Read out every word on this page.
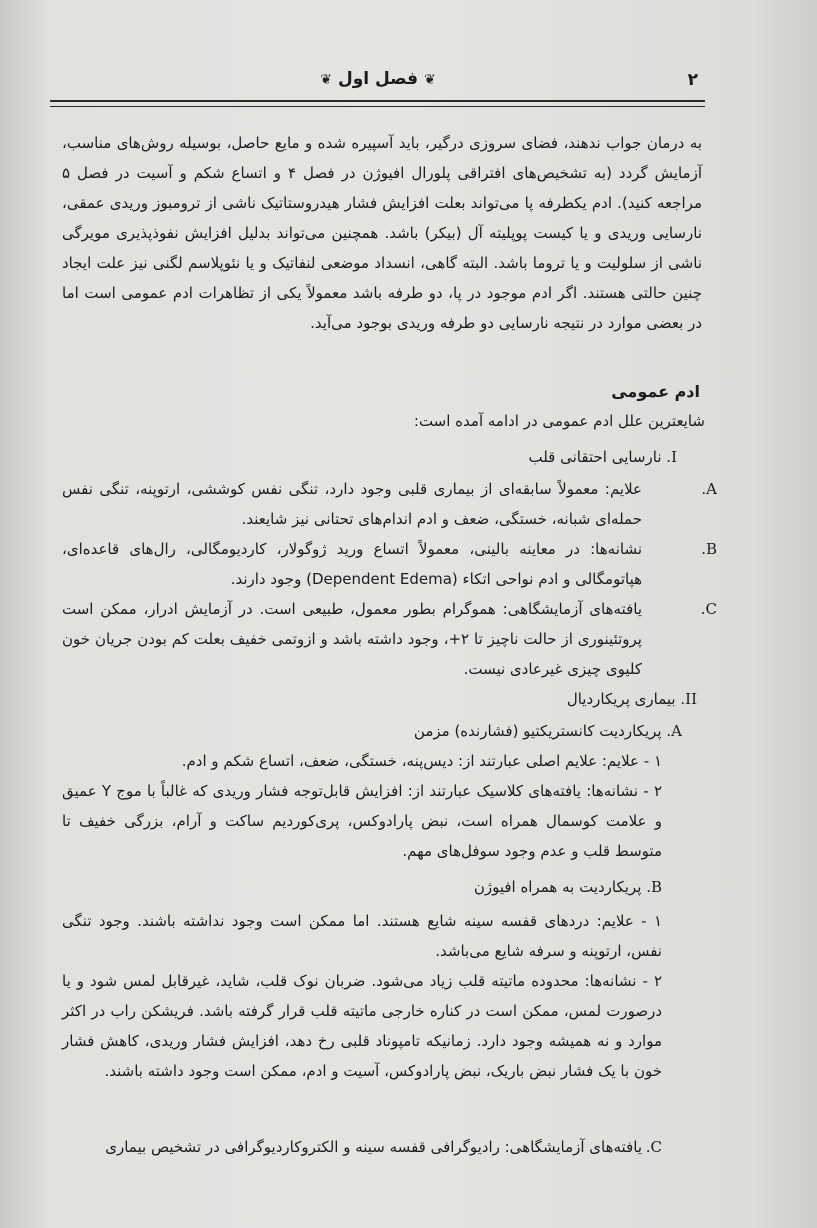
۲
❦ فصل اول ❦
به درمان جواب ندهند، فضای سروزی درگیر، باید آسپیره شده و مایع حاصل، بوسیله روش‌های مناسب، آزمایش گردد (به تشخیص‌های افتراقی پلورال افیوژن در فصل ۴ و اتساع شکم و آسیت در فصل ۵ مراجعه کنید). ادم یکطرفه پا می‌تواند بعلت افزایش فشار هیدروستاتیک ناشی از ترومبوز وریدی عمقی، نارسایی وریدی و یا کیست پوپلیته آل (بیکر) باشد. همچنین می‌تواند بدلیل افزایش نفوذپذیری مویرگی ناشی از سلولیت و یا تروما باشد. البته گاهی، انسداد موضعی لنفاتیک و یا نئوپلاسم لگنی نیز علت ایجاد چنین حالتی هستند. اگر ادم موجود در پا، دو طرفه باشد معمولاً یکی از تظاهرات ادم عمومی است اما در بعضی موارد در نتیجه نارسایی دو طرفه وریدی بوجود می‌آید.
ادم عمومی
شایعترین علل ادم عمومی در ادامه آمده است:
I. نارسایی احتقانی قلب
A.
علایم: معمولاً سابقه‌ای از بیماری قلبی وجود دارد، تنگی نفس کوششی، ارتوپنه، تنگی نفس حمله‌ای شبانه، خستگی، ضعف و ادم اندام‌های تحتانی نیز شایعند.
B.
نشانه‌ها: در معاینه بالینی، معمولاً اتساع ورید ژوگولار، کاردیومگالی، رال‌های قاعده‌ای، هپاتومگالی و ادم نواحی اتکاء (Dependent Edema) وجود دارند.
C.
یافته‌های آزمایشگاهی: هموگرام بطور معمول، طبیعی است. در آزمایش ادرار، ممکن است پروتئینوری از حالت ناچیز تا ۲+، وجود داشته باشد و ازوتمی خفیف بعلت کم بودن جریان خون کلیوی چیزی غیرعادی نیست.
II. بیماری پریکاردیال
A. پریکاردیت کانستریکتیو (فشارنده) مزمن
۱ - علایم: علایم اصلی عبارتند از: دیس‌پنه، خستگی، ضعف، اتساع شکم و ادم.
۲ - نشانه‌ها: یافته‌های کلاسیک عبارتند از: افزایش قابل‌توجه فشار وریدی که غالباً با موج Y عمیق و علامت کوسمال همراه است، نبض پارادوکس، پری‌کوردیم ساکت و آرام، بزرگی خفیف تا متوسط قلب و عدم وجود سوفل‌های مهم.
B. پریکاردیت به همراه افیوژن
۱ - علایم: دردهای قفسه سینه شایع هستند. اما ممکن است وجود نداشته باشند. وجود تنگی نفس، ارتوپنه و سرفه شایع می‌باشد.
۲ - نشانه‌ها: محدوده ماتیته قلب زیاد می‌شود. ضربان نوک قلب، شاید، غیرقابل لمس شود و یا درصورت لمس، ممکن است در کناره خارجی ماتیته قلب قرار گرفته باشد. فریشکن راب در اکثر موارد و نه همیشه وجود دارد. زمانیکه تامپوناد قلبی رخ دهد، افزایش فشار وریدی، کاهش فشار خون با یک فشار نبض باریک، نبض پارادوکس، آسیت و ادم، ممکن است وجود داشته باشند.
C.
یافته‌های آزمایشگاهی: رادیوگرافی قفسه سینه و الکتروکاردیوگرافی در تشخیص بیماری
